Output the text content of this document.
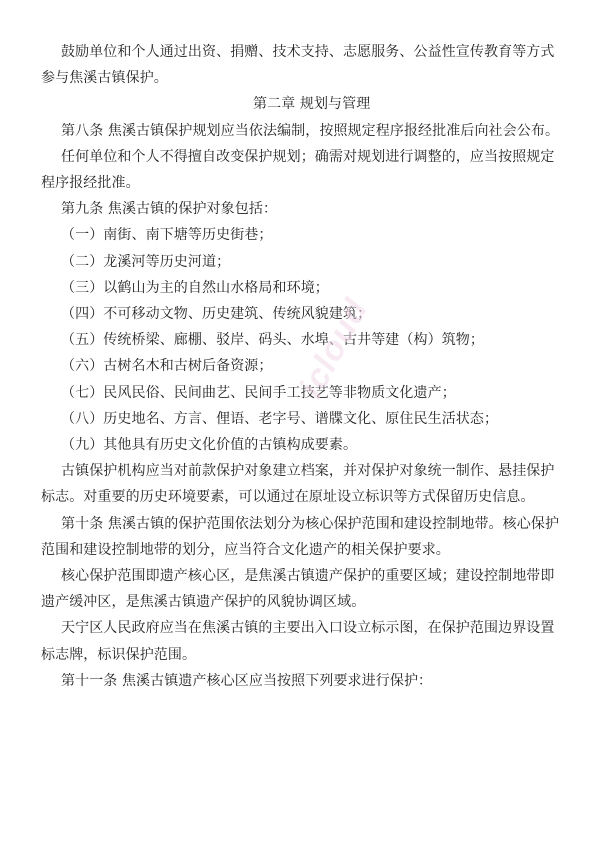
鼓励单位和个人通过出资、捐赠、技术支持、志愿服务、公益性宣传教育等方式
参与焦溪古镇保护。
第二章 规划与管理
第八条 焦溪古镇保护规划应当依法编制，按照规定程序报经批准后向社会公布。
任何单位和个人不得擅自改变保护规划；确需对规划进行调整的，应当按照规定
程序报经批准。
第九条 焦溪古镇的保护对象包括：
（一）南街、南下塘等历史街巷；
（二）龙溪河等历史河道；
（三）以鹤山为主的自然山水格局和环境；
（四）不可移动文物、历史建筑、传统风貌建筑；
（五）传统桥梁、廊棚、驳岸、码头、水埠、古井等建（构）筑物；
（六）古树名木和古树后备资源；
（七）民风民俗、民间曲艺、民间手工技艺等非物质文化遗产；
（八）历史地名、方言、俚语、老字号、谱牒文化、原住民生活状态；
（九）其他具有历史文化价值的古镇构成要素。
古镇保护机构应当对前款保护对象建立档案，并对保护对象统一制作、悬挂保护
标志。对重要的历史环境要素，可以通过在原址设立标识等方式保留历史信息。
第十条 焦溪古镇的保护范围依法划分为核心保护范围和建设控制地带。核心保护
范围和建设控制地带的划分，应当符合文化遗产的相关保护要求。
核心保护范围即遗产核心区，是焦溪古镇遗产保护的重要区域；建设控制地带即
遗产缓冲区，是焦溪古镇遗产保护的风貌协调区域。
天宁区人民政府应当在焦溪古镇的主要出入口设立标示图，在保护范围边界设置
标志牌，标识保护范围。
第十一条 焦溪古镇遗产核心区应当按照下列要求进行保护：
icloud
